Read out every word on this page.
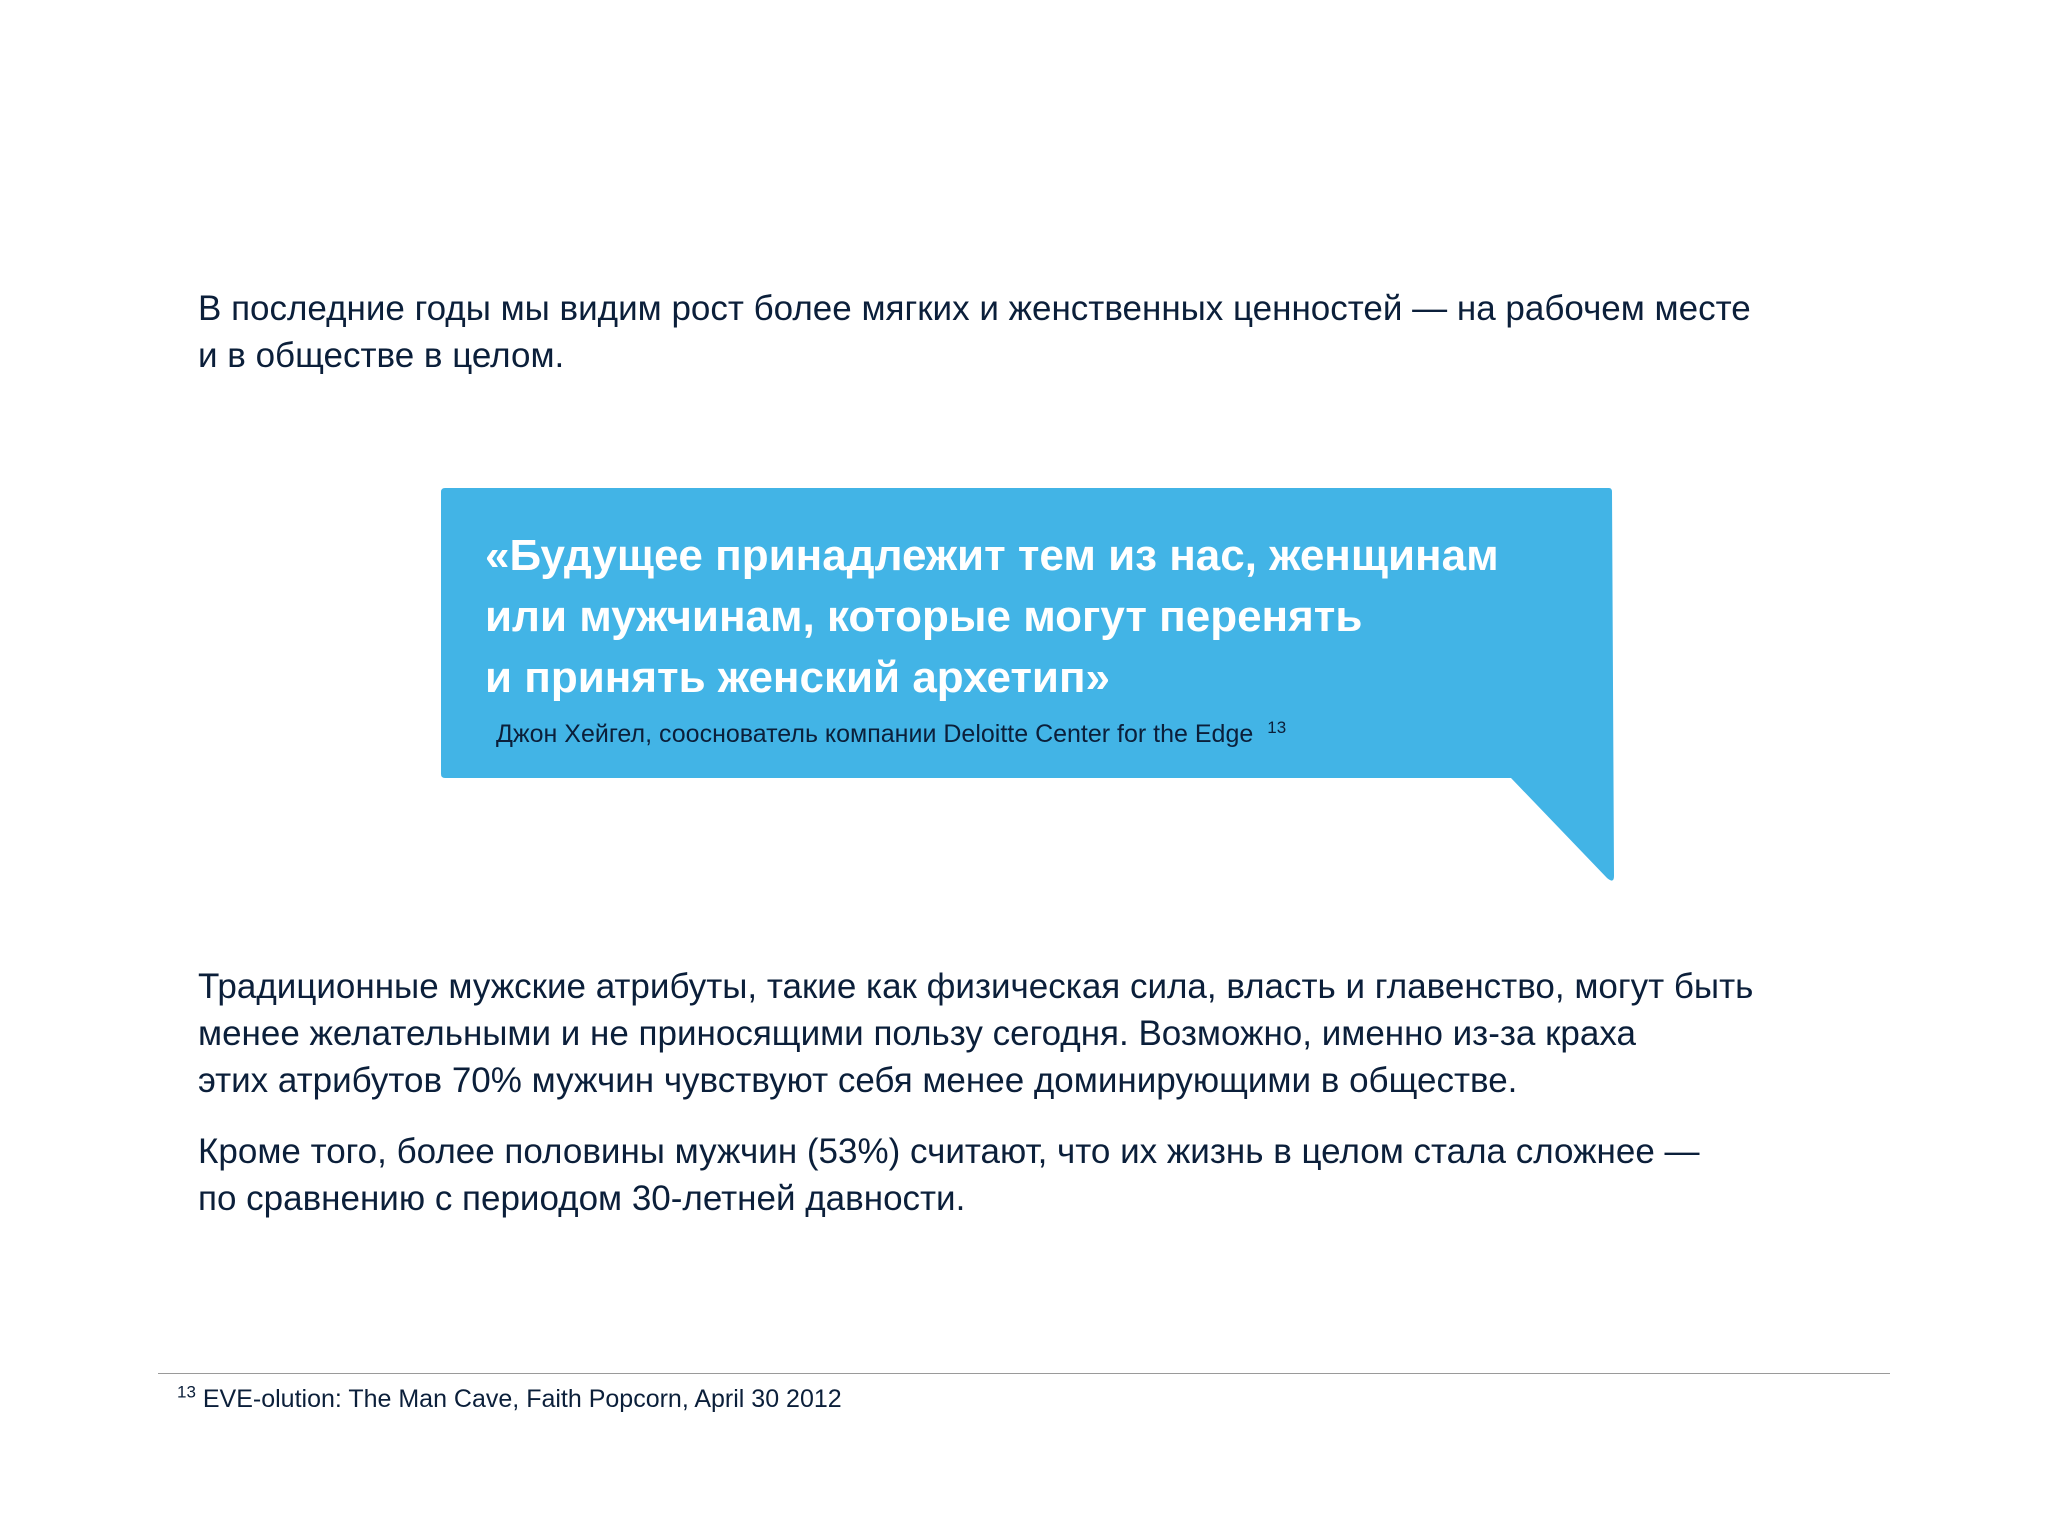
В последние годы мы видим рост более мягких и женственных ценностей — на рабочем месте
и в обществе в целом.

«Будущее принадлежит тем из нас, женщинам
или мужчинам, которые могут перенять
и принять женский архетип»

Джон Хейгел, сооснователь компании Deloitte Center for the Edge $^{13}$

Традиционные мужские атрибуты, такие как физическая сила, власть и главенство, могут быть
менее желательными и не приносящими пользу сегодня. Возможно, именно из-за краха
этих атрибутов 70% мужчин чувствуют себя менее доминирующими в обществе.

Кроме того, более половины мужчин (53%) считают, что их жизнь в целом стала сложнее —
по сравнению с периодом 30-летней давности.

$^{13}$ EVE-olution: The Man Cave, Faith Popcorn, April 30 2012
